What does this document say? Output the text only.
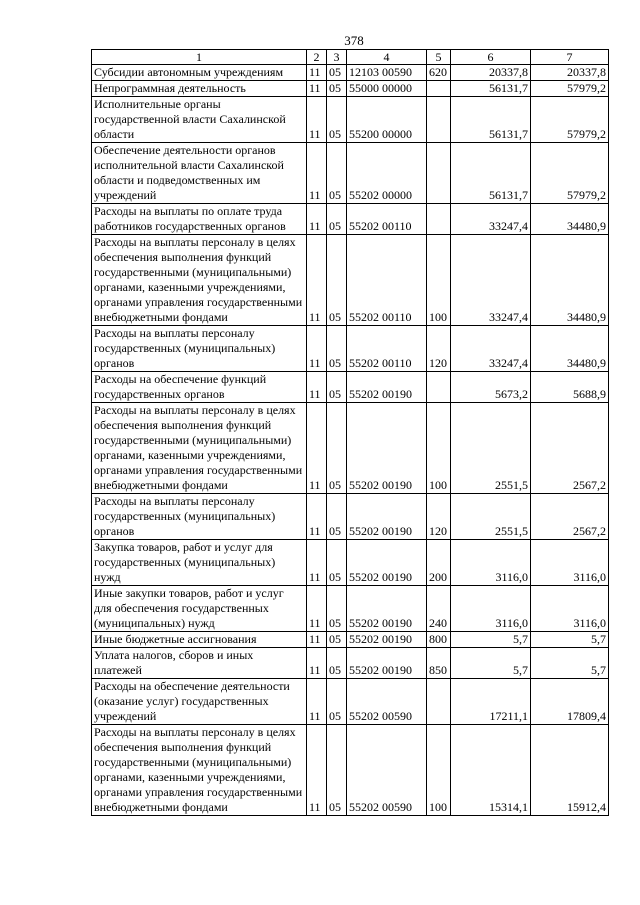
378
1	2	3	4	5	6	7
Субсидии автономным учреждениям	11	05	12103 00590	620	20337,8	20337,8
Непрограммная деятельность	11	05	55000 00000		56131,7	57979,2
Исполнительные органы государственной власти Сахалинской области	11	05	55200 00000		56131,7	57979,2
Обеспечение деятельности органов исполнительной власти Сахалинской области и подведомственных им учреждений	11	05	55202 00000		56131,7	57979,2
Расходы на выплаты по оплате труда работников государственных органов	11	05	55202 00110		33247,4	34480,9
Расходы на выплаты персоналу в целях обеспечения выполнения функций государственными (муниципальными) органами, казенными учреждениями, органами управления государственными внебюджетными фондами	11	05	55202 00110	100	33247,4	34480,9
Расходы на выплаты персоналу государственных (муниципальных) органов	11	05	55202 00110	120	33247,4	34480,9
Расходы на обеспечение функций государственных органов	11	05	55202 00190		5673,2	5688,9
Расходы на выплаты персоналу в целях обеспечения выполнения функций государственными (муниципальными) органами, казенными учреждениями, органами управления государственными внебюджетными фондами	11	05	55202 00190	100	2551,5	2567,2
Расходы на выплаты персоналу государственных (муниципальных) органов	11	05	55202 00190	120	2551,5	2567,2
Закупка товаров, работ и услуг для государственных (муниципальных) нужд	11	05	55202 00190	200	3116,0	3116,0
Иные закупки товаров, работ и услуг для обеспечения государственных (муниципальных) нужд	11	05	55202 00190	240	3116,0	3116,0
Иные бюджетные ассигнования	11	05	55202 00190	800	5,7	5,7
Уплата налогов, сборов и иных платежей	11	05	55202 00190	850	5,7	5,7
Расходы на обеспечение деятельности (оказание услуг) государственных учреждений	11	05	55202 00590		17211,1	17809,4
Расходы на выплаты персоналу в целях обеспечения выполнения функций государственными (муниципальными) органами, казенными учреждениями, органами управления государственными внебюджетными фондами	11	05	55202 00590	100	15314,1	15912,4
